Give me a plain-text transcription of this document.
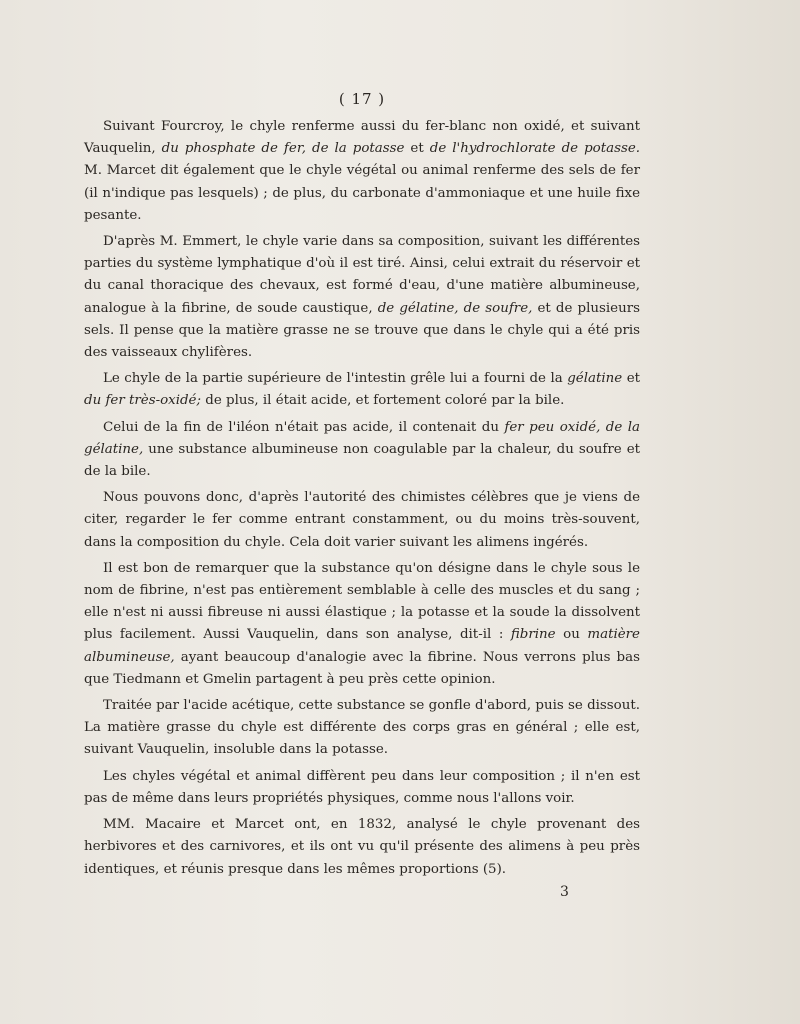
( 17 )

Suivant Fourcroy, le chyle renferme aussi du fer-blanc non oxidé, et suivant Vauquelin, du phosphate de fer, de la potasse et de l'hydrochlorate de potasse. M. Marcet dit également que le chyle végétal ou animal renferme des sels de fer (il n'indique pas lesquels) ; de plus, du carbonate d'ammoniaque et une huile fixe pesante.

D'après M. Emmert, le chyle varie dans sa composition, suivant les différentes parties du système lymphatique d'où il est tiré. Ainsi, celui extrait du réservoir et du canal thoracique des chevaux, est formé d'eau, d'une matière albumineuse, analogue à la fibrine, de soude caustique, de gélatine, de soufre, et de plusieurs sels. Il pense que la matière grasse ne se trouve que dans le chyle qui a été pris des vaisseaux chylifères.

Le chyle de la partie supérieure de l'intestin grêle lui a fourni de la gélatine et du fer très-oxidé; de plus, il était acide, et fortement coloré par la bile.

Celui de la fin de l'iléon n'était pas acide, il contenait du fer peu oxidé, de la gélatine, une substance albumineuse non coagulable par la chaleur, du soufre et de la bile.

Nous pouvons donc, d'après l'autorité des chimistes célèbres que je viens de citer, regarder le fer comme entrant constamment, ou du moins très-souvent, dans la composition du chyle. Cela doit varier suivant les alimens ingérés.

Il est bon de remarquer que la substance qu'on désigne dans le chyle sous le nom de fibrine, n'est pas entièrement semblable à celle des muscles et du sang ; elle n'est ni aussi fibreuse ni aussi élastique ; la potasse et la soude la dissolvent plus facilement. Aussi Vauquelin, dans son analyse, dit-il : fibrine ou matière albumineuse, ayant beaucoup d'analogie avec la fibrine. Nous verrons plus bas que Tiedmann et Gmelin partagent à peu près cette opinion.

Traitée par l'acide acétique, cette substance se gonfle d'abord, puis se dissout. La matière grasse du chyle est différente des corps gras en général ; elle est, suivant Vauquelin, insoluble dans la potasse.

Les chyles végétal et animal diffèrent peu dans leur composition ; il n'en est pas de même dans leurs propriétés physiques, comme nous l'allons voir.

MM. Macaire et Marcet ont, en 1832, analysé le chyle provenant des herbivores et des carnivores, et ils ont vu qu'il présente des alimens à peu près identiques, et réunis presque dans les mêmes proportions (5).

3
